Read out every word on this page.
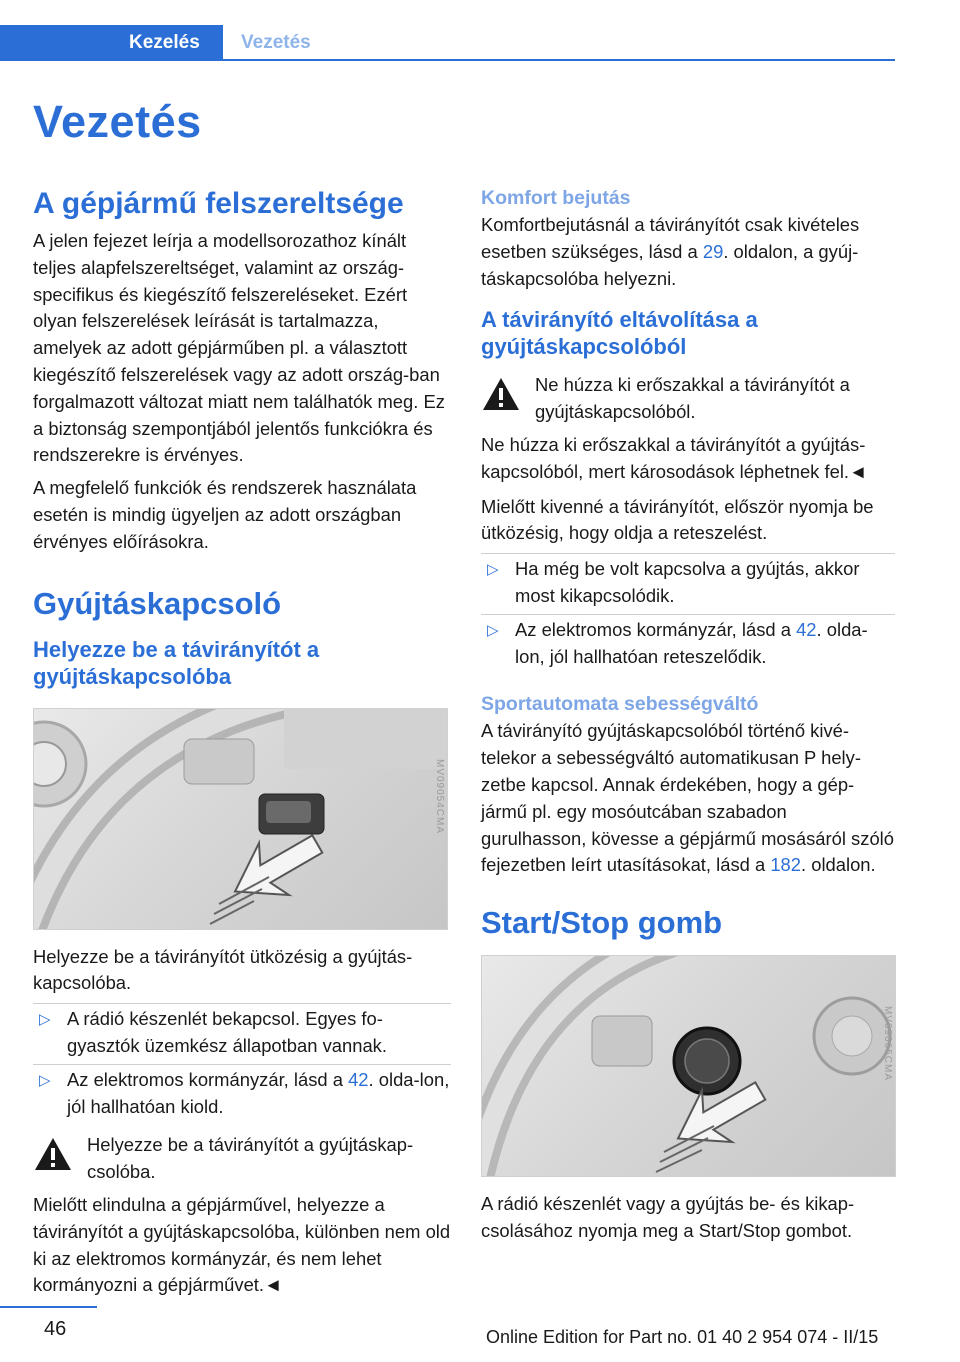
Kezelés	Vezetés
Vezetés
A gépjármű felszereltsége

A jelen fejezet leírja a modellsorozathoz kínált teljes alapfelszereltséget, valamint az ország-specifikus és kiegészítő felszereléseket. Ezért olyan felszerelések leírását is tartalmazza, amelyek az adott gépjárműben pl. a választott kiegészítő felszerelések vagy az adott ország-ban forgalmazott változat miatt nem találhatók meg. Ez a biztonság szempontjából jelentős funkciókra és rendszerekre is érvényes.

A megfelelő funkciók és rendszerek használata esetén is mindig ügyeljen az adott országban érvényes előírásokra.

Gyújtáskapcsoló
Helyezze be a távirányítót a gyújtáskapcsolóba
MV09054CMA

Helyezze be a távirányítót ütközésig a gyújtás-kapcsolóba.

▷ A rádió készenlét bekapcsol. Egyes fo-gyasztók üzemkész állapotban vannak.
▷ Az elektromos kormányzár, lásd a 42. olda-lon, jól hallhatóan kiold.

Helyezze be a távirányítót a gyújtáskap-csolóba.

Mielőtt elindulna a gépjárművel, helyezze a távirányítót a gyújtáskapcsolóba, különben nem old ki az elektromos kormányzár, és nem lehet kormányozni a gépjárművet.◄

Komfort bejutás

Komfortbejutásnál a távirányítót csak kivételes esetben szükséges, lásd a 29. oldalon, a gyúj-táskapcsolóba helyezni.

A távirányító eltávolítása a gyújtáskapcsolóból

Ne húzza ki erőszakkal a távirányítót a gyújtáskapcsolóból.

Ne húzza ki erőszakkal a távirányítót a gyújtás-kapcsolóból, mert károsodások léphetnek fel.◄

Mielőtt kivenné a távirányítót, először nyomja be ütközésig, hogy oldja a reteszelést.

▷ Ha még be volt kapcsolva a gyújtás, akkor most kikapcsolódik.
▷ Az elektromos kormányzár, lásd a 42. olda-lon, jól hallhatóan reteszelődik.
Sportautomata sebességváltó

A távirányító gyújtáskapcsolóból történő kivé-telekor a sebességváltó automatikusan P hely-zetbe kapcsol. Annak érdekében, hogy a gép-jármű pl. egy mosóutcában szabadon gurulhasson, kövesse a gépjármű mosásáról szóló fejezetben leírt utasításokat, lásd a 182. oldalon.

Start/Stop gomb
MV09065CMA

A rádió készenlét vagy a gyújtás be- és kikap-csolásához nyomja meg a Start/Stop gombot.

46	Online Edition for Part no. 01 40 2 954 074 - II/15
